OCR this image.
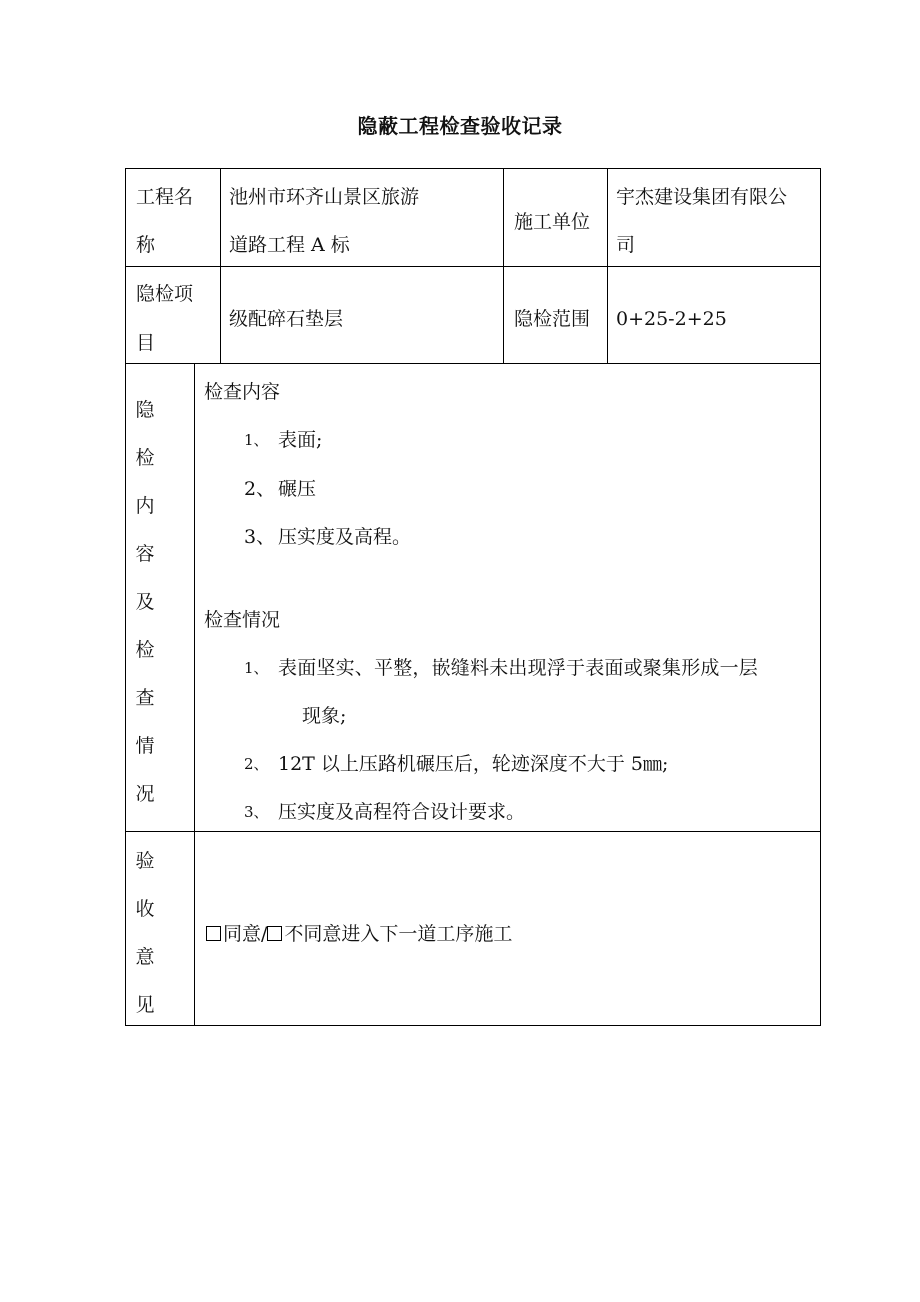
隐蔽工程检查验收记录
工程名
称
池州市环齐山景区旅游
道路工程 A 标
施工单位
宇杰建设集团有限公
司
隐检项
目
级配碎石垫层	隐检范围 0+25-2+25
隐
检
内
容
及
检
查
情
况
检查内容
1、 表面;
2、 碾压
3、 压实度及高程。
检查情况
1、 表面坚实、平整，嵌缝料未出现浮于表面或聚集形成一层
现象;
2、 12T 以上压路机碾压后，轮迹深度不大于 5㎜;
3、 压实度及高程符合设计要求。
验
收
意
见
同意/ 不同意进入下一道工序施工
